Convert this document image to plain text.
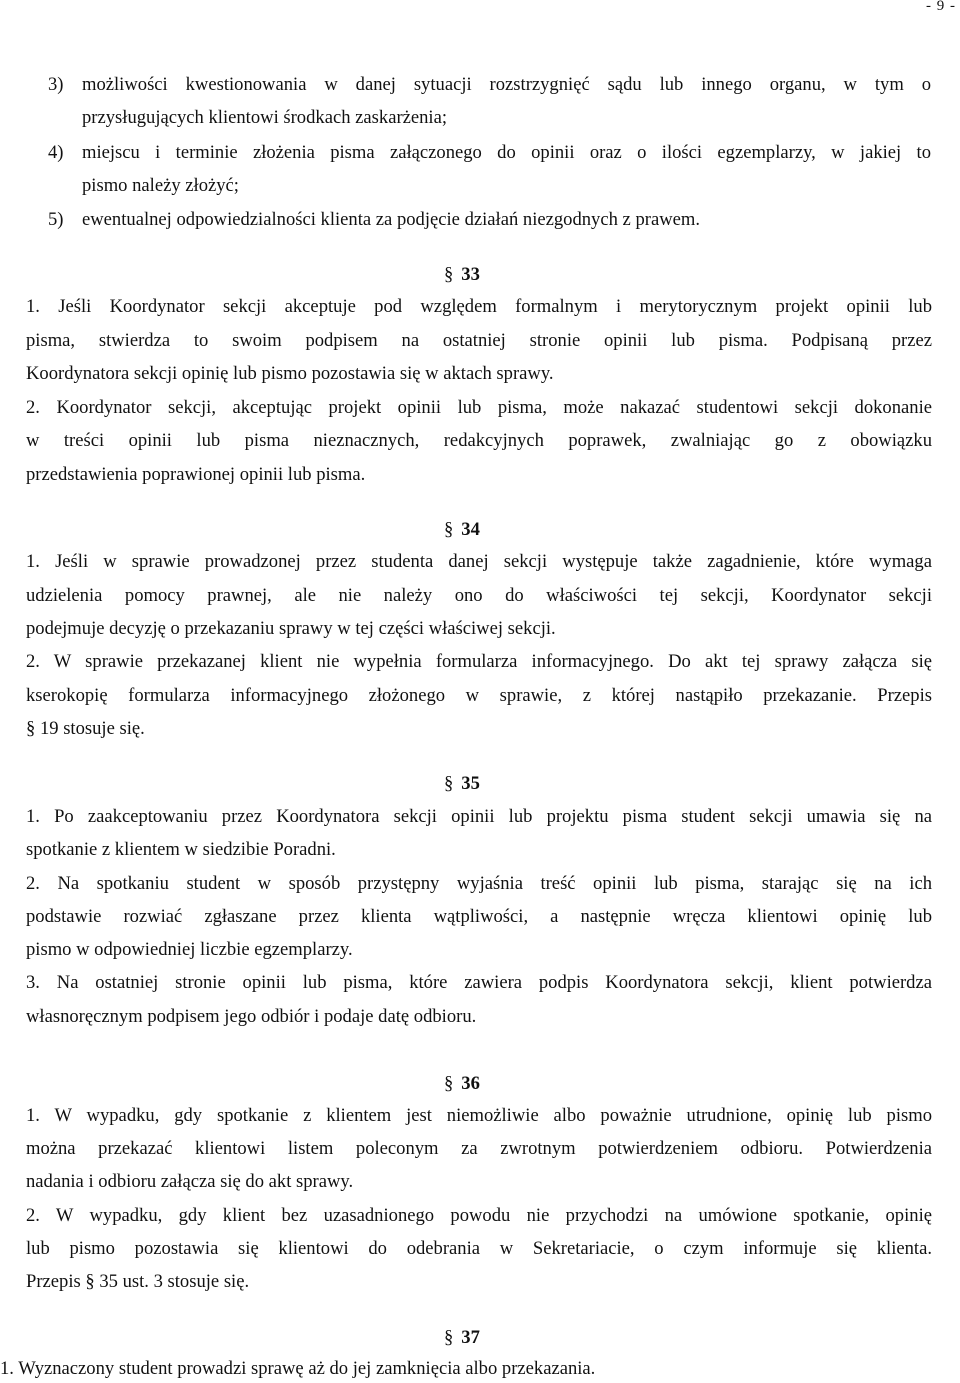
- 9 -
3) możliwości kwestionowania w danej sytuacji rozstrzygnięć sądu lub innego organu, w tym o
przysługujących klientowi środkach zaskarżenia;
4) miejscu i terminie złożenia pisma załączonego do opinii oraz o ilości egzemplarzy, w jakiej to
pismo należy złożyć;
5) ewentualnej odpowiedzialności klienta za podjęcie działań niezgodnych z prawem.
§ 33
1. Jeśli Koordynator sekcji akceptuje pod względem formalnym i merytorycznym projekt opinii lub
pisma, stwierdza to swoim podpisem na ostatniej stronie opinii lub pisma. Podpisaną przez
Koordynatora sekcji opinię lub pismo pozostawia się w aktach sprawy.
2. Koordynator sekcji, akceptując projekt opinii lub pisma, może nakazać studentowi sekcji dokonanie
w treści opinii lub pisma nieznacznych, redakcyjnych poprawek, zwalniając go z obowiązku
przedstawienia poprawionej opinii lub pisma.
§ 34
1. Jeśli w sprawie prowadzonej przez studenta danej sekcji występuje także zagadnienie, które wymaga
udzielenia pomocy prawnej, ale nie należy ono do właściwości tej sekcji, Koordynator sekcji
podejmuje decyzję o przekazaniu sprawy w tej części właściwej sekcji.
2. W sprawie przekazanej klient nie wypełnia formularza informacyjnego. Do akt tej sprawy załącza się
kserokopię formularza informacyjnego złożonego w sprawie, z której nastąpiło przekazanie. Przepis
§ 19 stosuje się.
§ 35
1. Po zaakceptowaniu przez Koordynatora sekcji opinii lub projektu pisma student sekcji umawia się na
spotkanie z klientem w siedzibie Poradni.
2. Na spotkaniu student w sposób przystępny wyjaśnia treść opinii lub pisma, starając się na ich
podstawie rozwiać zgłaszane przez klienta wątpliwości, a następnie wręcza klientowi opinię lub
pismo w odpowiedniej liczbie egzemplarzy.
3. Na ostatniej stronie opinii lub pisma, które zawiera podpis Koordynatora sekcji, klient potwierdza
własnoręcznym podpisem jego odbiór i podaje datę odbioru.
§ 36
1. W wypadku, gdy spotkanie z klientem jest niemożliwie albo poważnie utrudnione, opinię lub pismo
można przekazać klientowi listem poleconym za zwrotnym potwierdzeniem odbioru. Potwierdzenia
nadania i odbioru załącza się do akt sprawy.
2. W wypadku, gdy klient bez uzasadnionego powodu nie przychodzi na umówione spotkanie, opinię
lub pismo pozostawia się klientowi do odebrania w Sekretariacie, o czym informuje się klienta.
Przepis § 35 ust. 3 stosuje się.
§ 37
1. Wyznaczony student prowadzi sprawę aż do jej zamknięcia albo przekazania.
